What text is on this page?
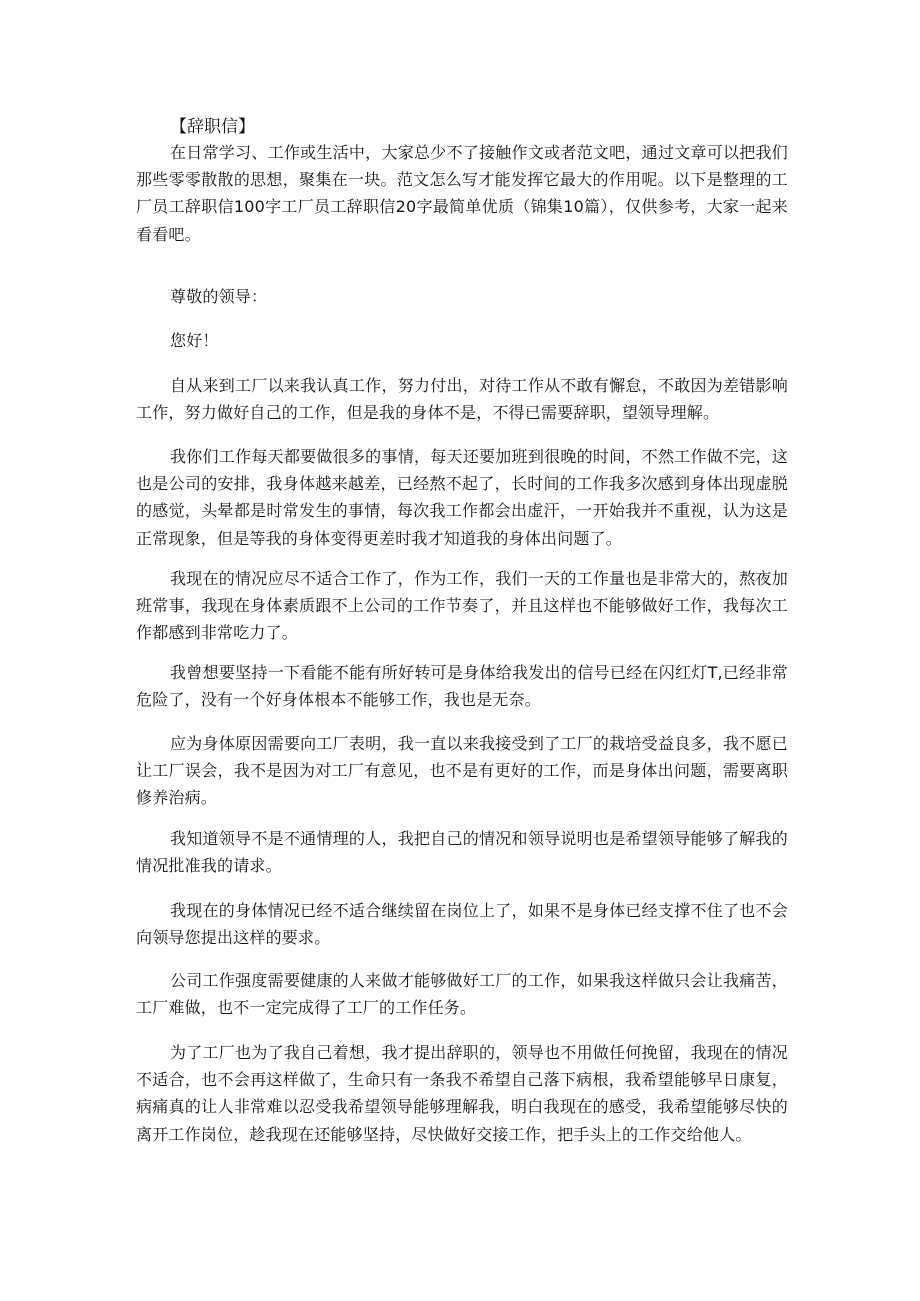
【辞职信】

在日常学习、工作或生活中，大家总少不了接触作文或者范文吧，通过文章可以把我们那些零零散散的思想，聚集在一块。范文怎么写才能发挥它最大的作用呢。以下是整理的工厂员工辞职信100字工厂员工辞职信20字最简单优质（锦集10篇），仅供参考，大家一起来看看吧。

尊敬的领导：

您好！

自从来到工厂以来我认真工作，努力付出，对待工作从不敢有懈怠，不敢因为差错影响工作，努力做好自己的工作，但是我的身体不是，不得已需要辞职，望领导理解。

我你们工作每天都要做很多的事情，每天还要加班到很晚的时间，不然工作做不完，这也是公司的安排，我身体越来越差，已经熬不起了，长时间的工作我多次感到身体出现虚脱的感觉，头晕都是时常发生的事情，每次我工作都会出虚汗，一开始我并不重视，认为这是正常现象，但是等我的身体变得更差时我才知道我的身体出问题了。

我现在的情况应尽不适合工作了，作为工作，我们一天的工作量也是非常大的，熬夜加班常事，我现在身体素质跟不上公司的工作节奏了，并且这样也不能够做好工作，我每次工作都感到非常吃力了。

我曾想要坚持一下看能不能有所好转可是身体给我发出的信号已经在闪红灯T,已经非常危险了，没有一个好身体根本不能够工作，我也是无奈。

应为身体原因需要向工厂表明，我一直以来我接受到了工厂的栽培受益良多，我不愿已让工厂误会，我不是因为对工厂有意见，也不是有更好的工作，而是身体出问题，需要离职修养治病。

我知道领导不是不通情理的人，我把自己的情况和领导说明也是希望领导能够了解我的情况批准我的请求。

我现在的身体情况已经不适合继续留在岗位上了，如果不是身体已经支撑不住了也不会向领导您提出这样的要求。

公司工作强度需要健康的人来做才能够做好工厂的工作，如果我这样做只会让我痛苦，工厂难做，也不一定完成得了工厂的工作任务。

为了工厂也为了我自己着想，我才提出辞职的，领导也不用做任何挽留，我现在的情况不适合，也不会再这样做了，生命只有一条我不希望自己落下病根，我希望能够早日康复，病痛真的让人非常难以忍受我希望领导能够理解我，明白我现在的感受，我希望能够尽快的离开工作岗位，趁我现在还能够坚持，尽快做好交接工作，把手头上的工作交给他人。
